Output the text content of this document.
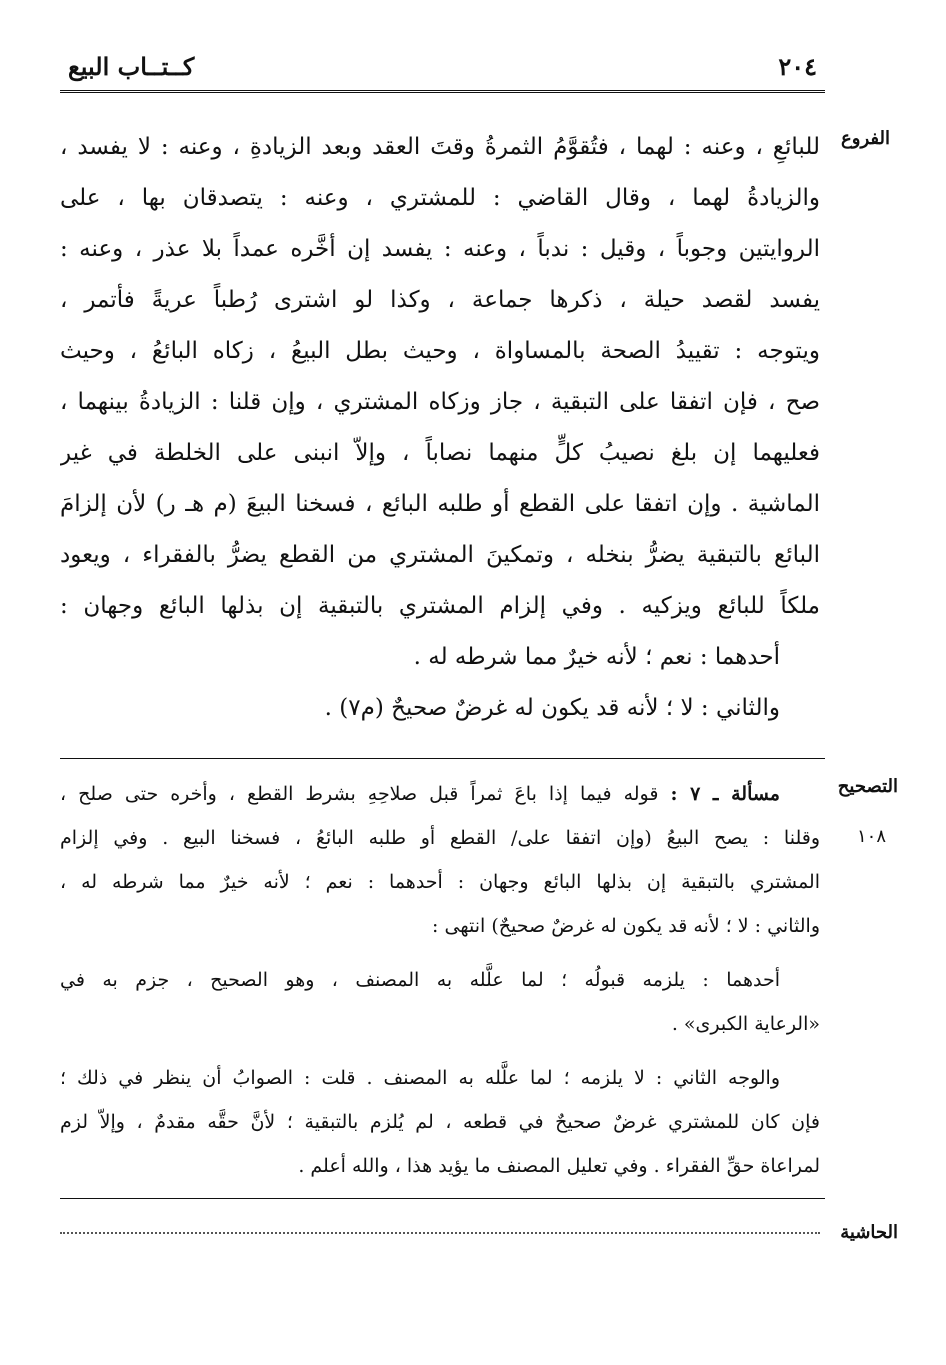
٢٠٤
كــتــاب البيع
الفروع
التصحيح
١٠٨
الحاشية
للبائعِ ، وعنه : لهما ، فتُقوَّمُ الثمرةُ وقتَ العقد وبعد الزيادةِ ، وعنه : لا يفسد ،
والزيادةُ لهما ، وقال القاضي : للمشتري ، وعنه : يتصدقان بها ، على
الروايتين وجوباً ، وقيل : ندباً ، وعنه : يفسد إن أخَّره عمداً بلا عذر ، وعنه :
يفسد لقصد حيلة ، ذكرها جماعة ، وكذا لو اشترى رُطباً عريةً فأتمر ،
ويتوجه : تقييدُ الصحة بالمساواة ، وحيث بطل البيعُ ، زكاه البائعُ ، وحيث
صح ، فإن اتفقا على التبقية ، جاز وزكاه المشتري ، وإن قلنا : الزيادةُ بينهما ،
فعليهما إن بلغ نصيبُ كلٍّ منهما نصاباً ، وإلاّ انبنى على الخلطة في غير
الماشية . وإن اتفقا على القطع أو طلبه البائع ، فسخنا البيعَ (م هـ ر) لأن إلزامَ
البائع بالتبقية يضرُّ بنخله ، وتمكينَ المشتري من القطع يضرُّ بالفقراء ، ويعود
ملكاً للبائع ويزكيه . وفي إلزام المشتري بالتبقية إن بذلها البائع وجهان :
أحدهما : نعم ؛ لأنه خيرٌ مما شرطه له .
والثاني : لا ؛ لأنه قد يكون له غرضٌ صحيحٌ (م٧) .
مسألة ـ ٧ : قوله فيما إذا باعَ ثمراً قبل صلاحِهِ بشرط القطع ، وأخره حتى صلح ،
وقلنا : يصح البيعُ (وإن اتفقا على/ القطع أو طلبه البائعُ ، فسخنا البيع . وفي إلزام
المشتري بالتبقية إن بذلها البائع وجهان : أحدهما : نعم ؛ لأنه خيرٌ مما شرطه له ،
والثاني : لا ؛ لأنه قد يكون له غرضٌ صحيحٌ) انتهى :
أحدهما : يلزمه قبولُه ؛ لما علَّله به المصنف ، وهو الصحيح ، جزم به في
«الرعاية الكبرى» .
والوجه الثاني : لا يلزمه ؛ لما علَّله به المصنف . قلت : الصوابُ أن ينظر في ذلك ؛
فإن كان للمشتري غرضٌ صحيحٌ في قطعه ، لم يُلزم بالتبقية ؛ لأنَّ حقَّه مقدمٌ ، وإلاّ لزم
لمراعاة حقِّ الفقراء . وفي تعليل المصنف ما يؤيد هذا ، والله أعلم .
